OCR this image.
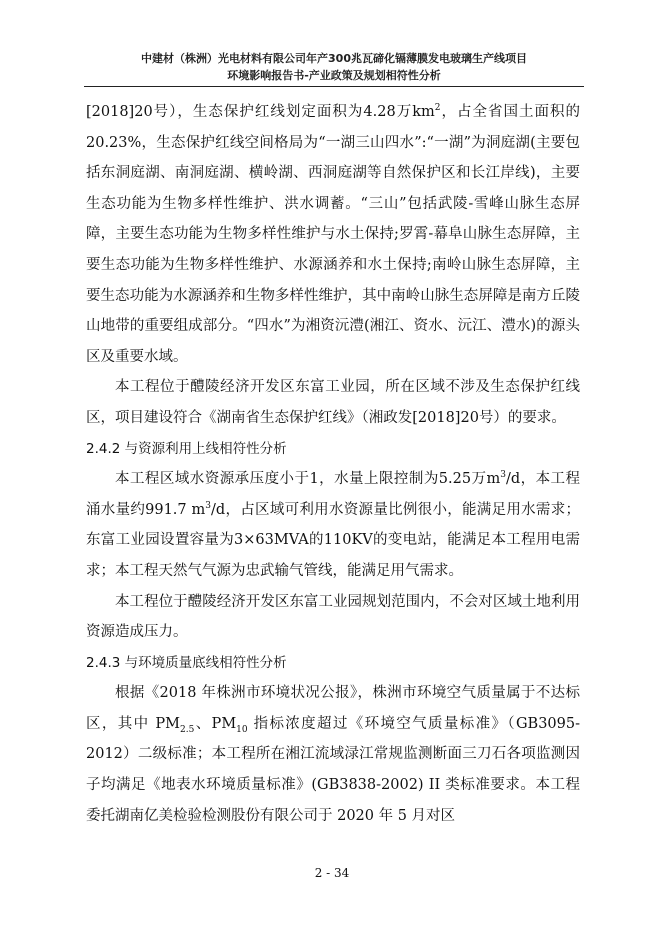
中建材（株洲）光电材料有限公司年产300兆瓦碲化镉薄膜发电玻璃生产线项目
环境影响报告书-产业政策及规划相符性分析

[2018]20号），生态保护红线划定面积为4.28万$km^2$，占全省国土面积的20.23%，生态保护红线空间格局为“一湖三山四水”:“一湖”为洞庭湖(主要包括东洞庭湖、南洞庭湖、横岭湖、西洞庭湖等自然保护区和长江岸线)，主要生态功能为生物多样性维护、洪水调蓄。“三山”包括武陵-雪峰山脉生态屏障，主要生态功能为生物多样性维护与水土保持;罗霄-幕阜山脉生态屏障，主要生态功能为生物多样性维护、水源涵养和水土保持;南岭山脉生态屏障，主要生态功能为水源涵养和生物多样性维护，其中南岭山脉生态屏障是南方丘陵山地带的重要组成部分。“四水”为湘资沅澧(湘江、资水、沅江、澧水)的源头区及重要水域。

本工程位于醴陵经济开发区东富工业园，所在区域不涉及生态保护红线区，项目建设符合《湖南省生态保护红线》（湘政发[2018]20号）的要求。

2.4.2 与资源利用上线相符性分析

本工程区域水资源承压度小于1，水量上限控制为5.25万$m^3/d$，本工程涌水量约991.7 $m^3/d$，占区域可利用水资源量比例很小，能满足用水需求；东富工业园设置容量为3×63MVA的110KV的变电站，能满足本工程用电需求；本工程天然气气源为忠武输气管线，能满足用气需求。

本工程位于醴陵经济开发区东富工业园规划范围内，不会对区域土地利用资源造成压力。

2.4.3 与环境质量底线相符性分析

根据《2018 年株洲市环境状况公报》，株洲市环境空气质量属于不达标区，其中 $PM_{2.5}$、$PM_{10}$ 指标浓度超过《环境空气质量标准》（GB3095-2012）二级标准；本工程所在湘江流域渌江常规监测断面三刀石各项监测因子均满足《地表水环境质量标准》(GB3838-2002) II 类标准要求。本工程委托湖南亿美检验检测股份有限公司于 2020 年 5 月对区

2 - 34
